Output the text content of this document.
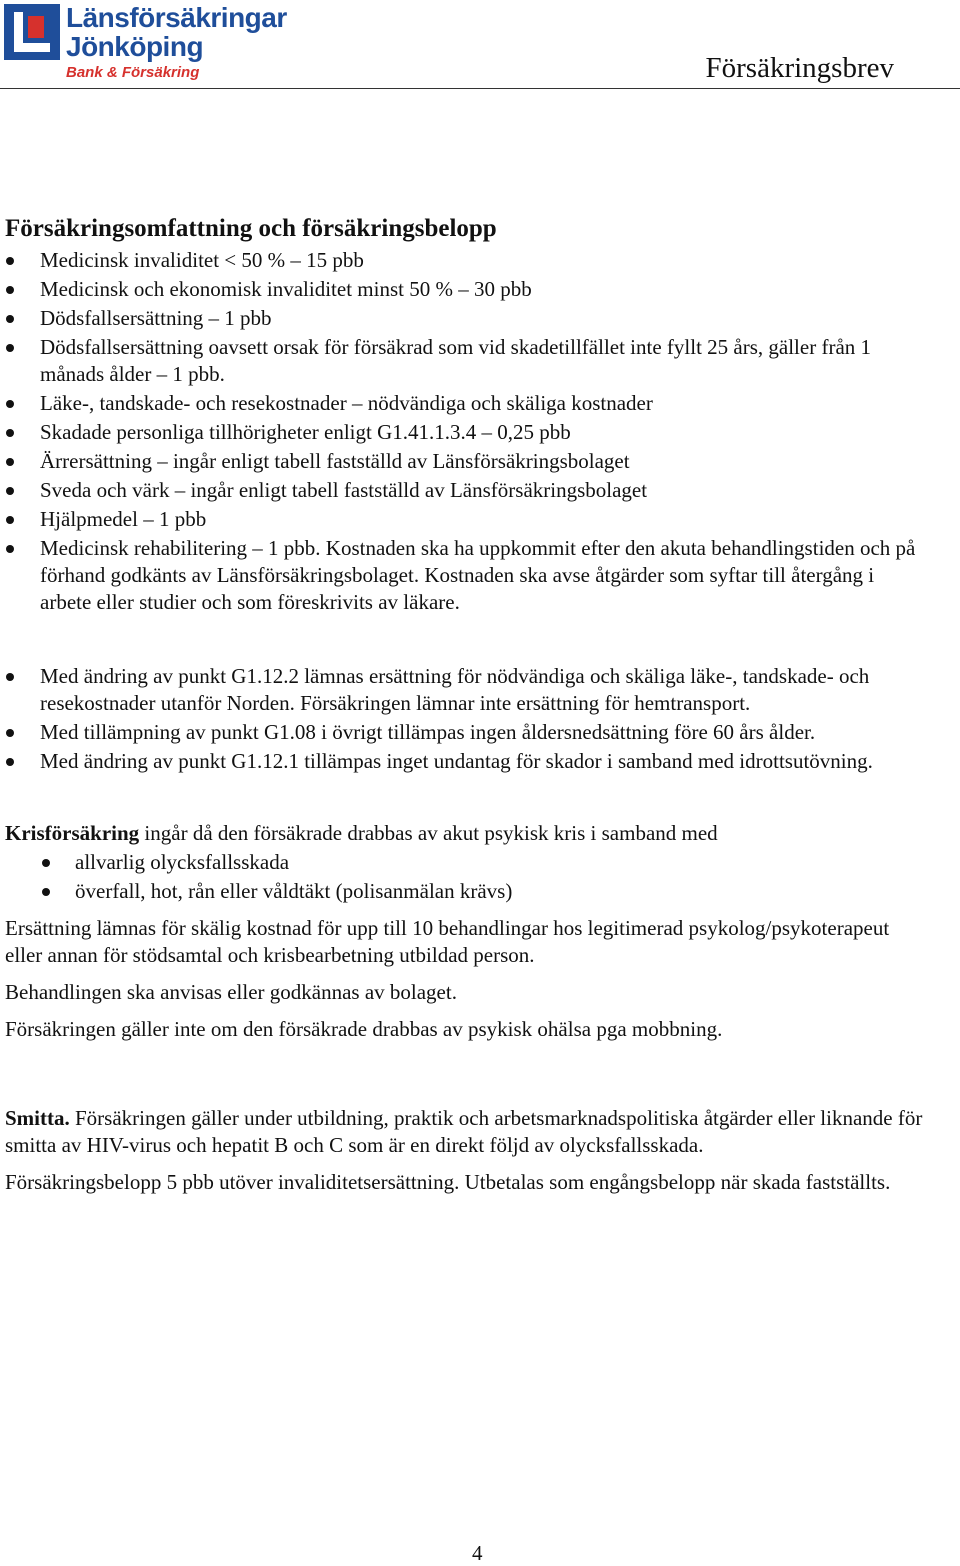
Länsförsäkringar
Jönköping
Bank & Försäkring	Försäkringsbrev
Försäkringsomfattning och försäkringsbelopp
Medicinsk invaliditet < 50 % – 15 pbb
Medicinsk och ekonomisk invaliditet minst 50 % – 30 pbb
Dödsfallsersättning – 1 pbb
Dödsfallsersättning oavsett orsak för försäkrad som vid skadetillfället inte fyllt 25 års, gäller från 1 månads ålder – 1 pbb.
Läke-, tandskade- och resekostnader – nödvändiga och skäliga kostnader
Skadade personliga tillhörigheter enligt G1.41.1.3.4 – 0,25 pbb
Ärrersättning – ingår enligt tabell fastställd av Länsförsäkringsbolaget
Sveda och värk – ingår enligt tabell fastställd av Länsförsäkringsbolaget
Hjälpmedel – 1 pbb
Medicinsk rehabilitering – 1 pbb. Kostnaden ska ha uppkommit efter den akuta behandlingstiden och på förhand godkänts av Länsförsäkringsbolaget. Kostnaden ska avse åtgärder som syftar till återgång i arbete eller studier och som föreskrivits av läkare.
Med ändring av punkt G1.12.2 lämnas ersättning för nödvändiga och skäliga läke-, tandskade- och resekostnader utanför Norden. Försäkringen lämnar inte ersättning för hemtransport.
Med tillämpning av punkt G1.08 i övrigt tillämpas ingen åldersnedsättning före 60 års ålder.
Med ändring av punkt G1.12.1 tillämpas inget undantag för skador i samband med idrottsutövning.

Krisförsäkring ingår då den försäkrade drabbas av akut psykisk kris i samband med

allvarlig olycksfallsskada
överfall, hot, rån eller våldtäkt (polisanmälan krävs)

Ersättning lämnas för skälig kostnad för upp till 10 behandlingar hos legitimerad psykolog/psykoterapeut eller annan för stödsamtal och krisbearbetning utbildad person.

Behandlingen ska anvisas eller godkännas av bolaget.

Försäkringen gäller inte om den försäkrade drabbas av psykisk ohälsa pga mobbning.

Smitta. Försäkringen gäller under utbildning, praktik och arbetsmarknadspolitiska åtgärder eller liknande för smitta av HIV-virus och hepatit B och C som är en direkt följd av olycksfallsskada.

Försäkringsbelopp 5 pbb utöver invaliditetsersättning. Utbetalas som engångsbelopp när skada fastställts.

4
